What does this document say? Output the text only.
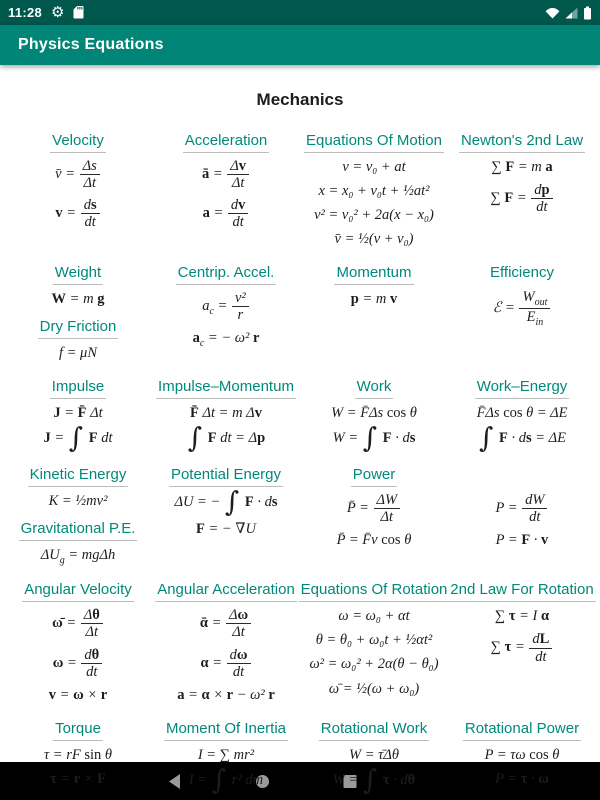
11:28 ⚙
Physics Equations
Mechanics
Velocity
v̄ = $\frac{\Delta s}{\Delta t}$
$v = \frac{ds}{dt}$
Acceleration
ā = $\frac{\Delta v}{\Delta t}$
$a = \frac{dv}{dt}$
Equations Of Motion
v = v₀ + at
x = x₀ + v₀t + ½at²
v² = v₀² + 2a(x − x₀)
v̄ = ½(v + v₀)
Newton's 2nd Law
∑ F = m a
∑ $F = \frac{dp}{dt}$
Weight
W = m g
Dry Friction
f = μN
Centrip. Accel.
$a_c = \frac{\text{v²}}{r}$
$a_c$ = − ω² r
Momentum
p = m v
Efficiency
ℰ = $\frac{W_{out}}{E_{in}}$
Impulse
J = F̄ Δt
J = ∫ F dt
Impulse–Momentum
F̄ Δt = m Δv
∫ F dt = Δp
Work
W = F̄Δs cos θ
W = ∫ F · ds
Work–Energy
F̄Δs cos θ = ΔE
∫ F · ds = ΔE
Kinetic Energy
K = ½mv²
Gravitational P.E.
$\Delta U_g = mg\Delta h$
Potential Energy
ΔU = − ∫ F · ds
F = − ∇U
Power
P̄ = $\frac{\Delta W}{\Delta t}$
P̄ = F̄v cos θ
$P = \frac{dW}{dt}$
P = F · v
Angular Velocity
ω̄ = $\frac{\Delta\theta}{\Delta t}$
$\omega = \frac{d\theta}{dt}$
v = ω × r
Angular Acceleration
ᾱ = $\frac{\Delta\omega}{\Delta t}$
$\alpha = \frac{d\omega}{dt}$
a = α × r − ω² r
Equations Of Rotation
ω = ω₀ + αt
θ = θ₀ + ω₀t + ½αt²
ω² = ω₀² + 2α(θ − θ₀)
ω̄ = ½(ω + ω₀)
2nd Law For Rotation
∑ τ = I α
∑ $\tau = \frac{dL}{dt}$
Torque
τ = rF sin θ
τ = r × F
Moment Of Inertia
I = ∑ mr²
I = ∫ r² dm
Rotational Work
W = τ̄Δθ
W = ∫ τ · dθ
Rotational Power
P = τω cos θ
P = τ · ω
